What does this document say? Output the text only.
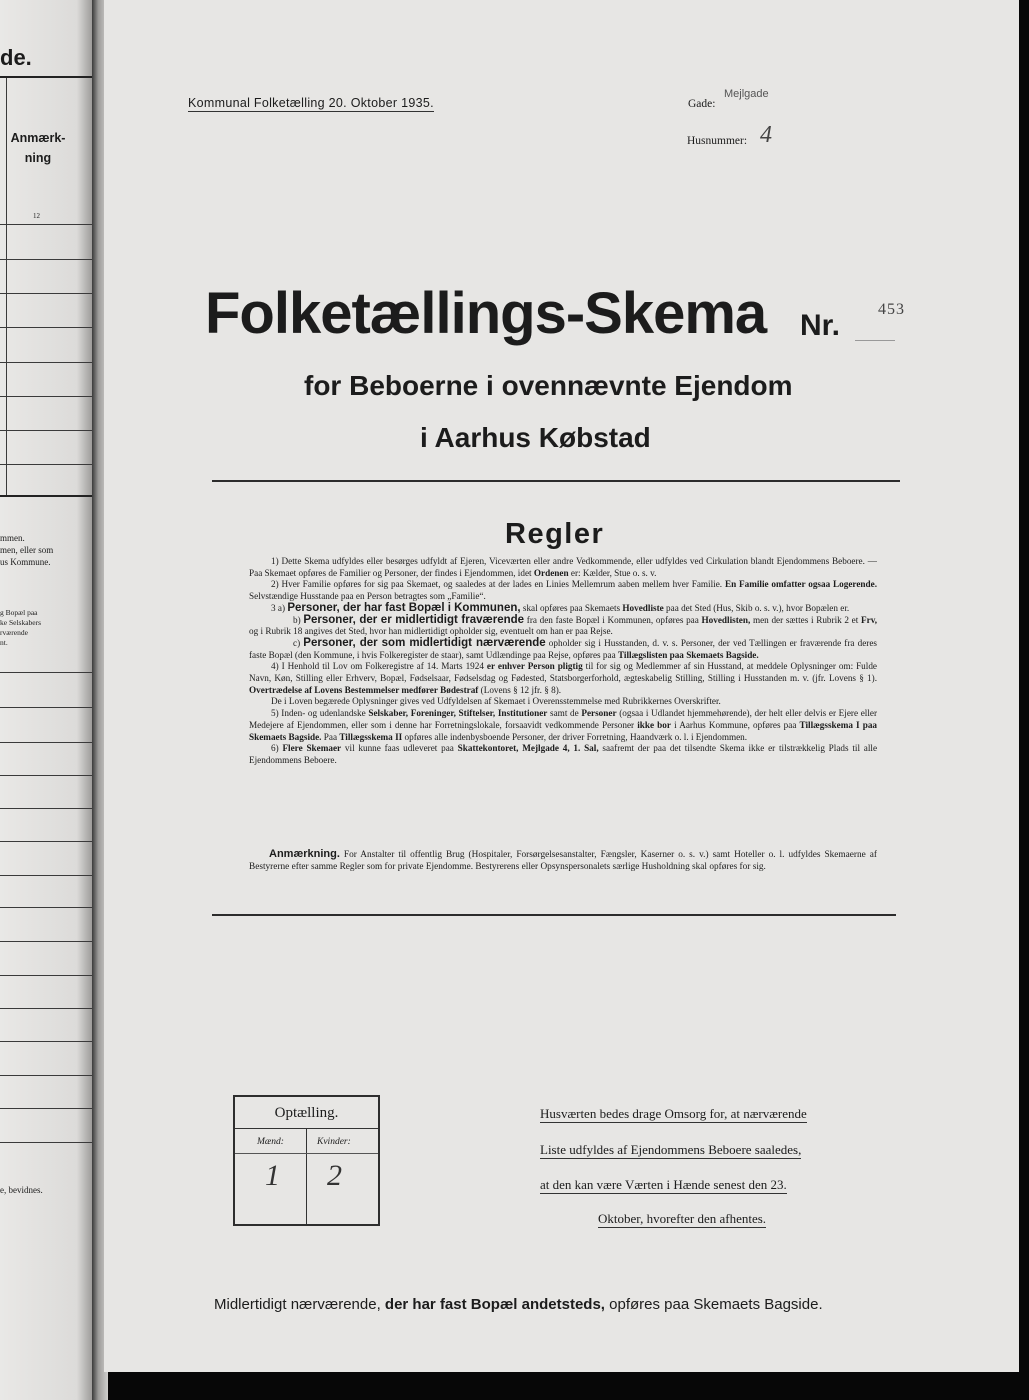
de.
Anmærk-ning
12
mmen.
men, eller som
us Kommune.
g Bopæl paa
ke Selskabers
rværende
nt.
e, bevidnes.
Kommunal Folketælling 20. Oktober 1935.	Gade:
Mejlgade
Husnummer: 4
Folketællings-Skema Nr. 453
for Beboerne i ovennævnte Ejendom
i Aarhus Købstad
Regler

1) Dette Skema udfyldes eller besørges udfyldt af Ejeren, Viceværten eller andre Vedkommende, eller udfyldes ved Cirkulation blandt Ejendommens Beboere. — Paa Skemaet opføres de Familier og Personer, der findes i Ejendommen, idet Ordenen er: Kælder, Stue o. s. v.

2) Hver Familie opføres for sig paa Skemaet, og saaledes at der lades en Linies Mellemrum aaben mellem hver Familie. En Familie omfatter ogsaa Logerende. Selvstændige Husstande paa en Person betragtes som „Familie“.

3 a) Personer, der har fast Bopæl i Kommunen, skal opføres paa Skemaets Hovedliste paa det Sted (Hus, Skib o. s. v.), hvor Bopælen er.

b) Personer, der er midlertidigt fraværende fra den faste Bopæl i Kommunen, opføres paa Hovedlisten, men der sættes i Rubrik 2 et Frv, og i Rubrik 18 angives det Sted, hvor han midlertidigt opholder sig, eventuelt om han er paa Rejse.

c) Personer, der som midlertidigt nærværende opholder sig i Husstanden, d. v. s. Personer, der ved Tællingen er fraværende fra deres faste Bopæl (den Kommune, i hvis Folkeregister de staar), samt Udlændinge paa Rejse, opføres paa Tillægslisten paa Skemaets Bagside.

4) I Henhold til Lov om Folkeregistre af 14. Marts 1924 er enhver Person pligtig til for sig og Medlemmer af sin Husstand, at meddele Oplysninger om: Fulde Navn, Køn, Stilling eller Erhverv, Bopæl, Fødselsaar, Fødselsdag og Fødested, Statsborgerforhold, ægteskabelig Stilling, Stilling i Husstanden m. v. (jfr. Lovens § 1). Overtrædelse af Lovens Bestemmelser medfører Bødestraf (Lovens § 12 jfr. § 8).

De i Loven begærede Oplysninger gives ved Udfyldelsen af Skemaet i Overensstemmelse med Rubrikkernes Overskrifter.

5) Inden- og udenlandske Selskaber, Foreninger, Stiftelser, Institutioner samt de Personer (ogsaa i Udlandet hjemmehørende), der helt eller delvis er Ejere eller Medejere af Ejendommen, eller som i denne har Forretningslokale, forsaavidt vedkommende Personer ikke bor i Aarhus Kommune, opføres paa Tillægsskema I paa Skemaets Bagside. Paa Tillægsskema II opføres alle indenbysboende Personer, der driver Forretning, Haandværk o. l. i Ejendommen.

6) Flere Skemaer vil kunne faas udleveret paa Skattekontoret, Mejlgade 4, 1. Sal, saafremt der paa det tilsendte Skema ikke er tilstrækkelig Plads til alle Ejendommens Beboere.

Anmærkning. For Anstalter til offentlig Brug (Hospitaler, Forsørgelsesanstalter, Fængsler, Kaserner o. s. v.) samt Hoteller o. l. udfyldes Skemaerne af Bestyrerne efter samme Regler som for private Ejendomme. Bestyrerens eller Opsynspersonalets særlige Husholdning skal opføres for sig.
Optælling.
Mænd:	Kvinder:
1 2
Husværten bedes drage Omsorg for, at nærværende
Liste udfyldes af Ejendommens Beboere saaledes,
at den kan være Værten i Hænde senest den 23.
Oktober, hvorefter den afhentes.
Midlertidigt nærværende, der har fast Bopæl andetsteds, opføres paa Skemaets Bagside.
